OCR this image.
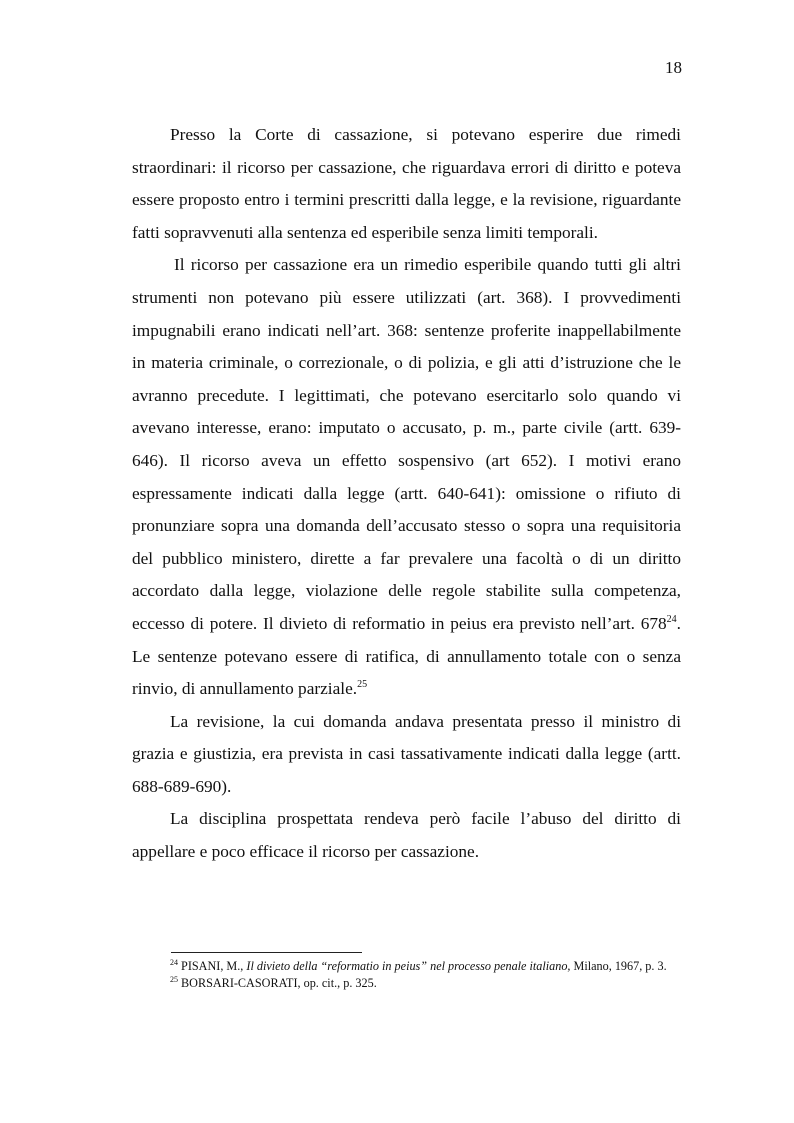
18

Presso la Corte di cassazione, si potevano esperire due rimedi straordinari: il ricorso per cassazione, che riguardava errori di diritto e poteva essere proposto entro i termini prescritti dalla legge, e la revisione, riguardante fatti sopravvenuti alla sentenza ed esperibile senza limiti temporali.

Il ricorso per cassazione era un rimedio esperibile quando tutti gli altri strumenti non potevano più essere utilizzati (art. 368). I provvedimenti impugnabili erano indicati nell’art. 368: sentenze proferite inappellabilmente in materia criminale, o correzionale, o di polizia, e gli atti d’istruzione che le avranno precedute. I legittimati, che potevano esercitarlo solo quando vi avevano interesse, erano: imputato o accusato, p. m., parte civile (artt. 639- 646). Il ricorso aveva un effetto sospensivo (art 652). I motivi erano espressamente indicati dalla legge (artt. 640-641): omissione o rifiuto di pronunziare sopra una domanda dell’accusato stesso o sopra una requisitoria del pubblico ministero, dirette a far prevalere una facoltà o di un diritto accordato dalla legge, violazione delle regole stabilite sulla competenza, eccesso di potere. Il divieto di reformatio in peius era previsto nell’art. 678$^{24}$. Le sentenze potevano essere di ratifica, di annullamento totale con o senza rinvio, di annullamento parziale.$^{25}$

La revisione, la cui domanda andava presentata presso il ministro di grazia e giustizia, era prevista in casi tassativamente indicati dalla legge (artt. 688-689-690).

La disciplina prospettata rendeva però facile l’abuso del diritto di appellare e poco efficace il ricorso per cassazione.

$^{24}$ PISANI, M., Il divieto della “reformatio in peius” nel processo penale italiano, Milano, 1967, p. 3.

$^{25}$ BORSARI-CASORATI, op. cit., p. 325.
